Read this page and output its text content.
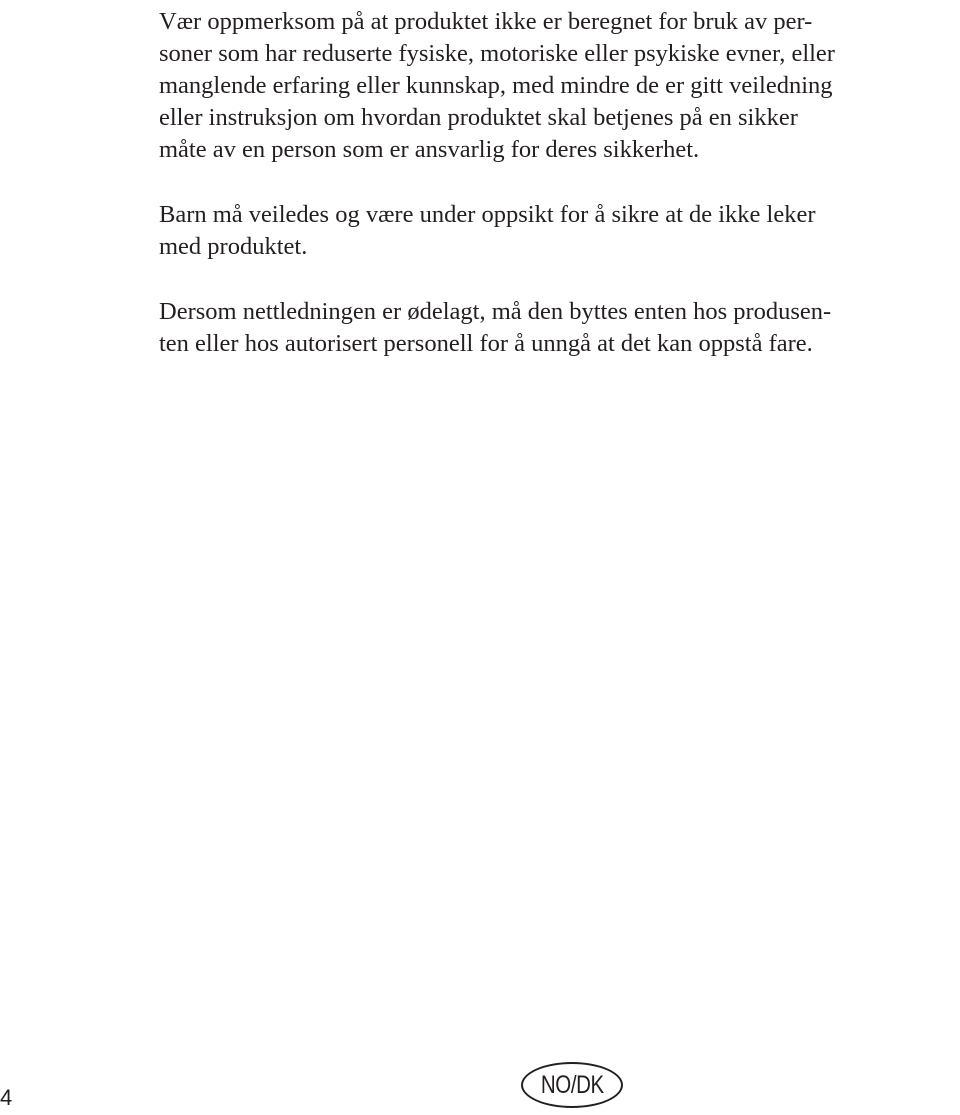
Vær oppmerksom på at produktet ikke er beregnet for bruk av per-
soner som har reduserte fysiske, motoriske eller psykiske evner, eller
manglende erfaring eller kunnskap, med mindre de er gitt veiledning
eller instruksjon om hvordan produktet skal betjenes på en sikker
måte av en person som er ansvarlig for deres sikkerhet.

Barn må veiledes og være under oppsikt for å sikre at de ikke leker
med produktet.

Dersom nettledningen er ødelagt, må den byttes enten hos produsen-
ten eller hos autorisert personell for å unngå at det kan oppstå fare.

4	NO/DK
